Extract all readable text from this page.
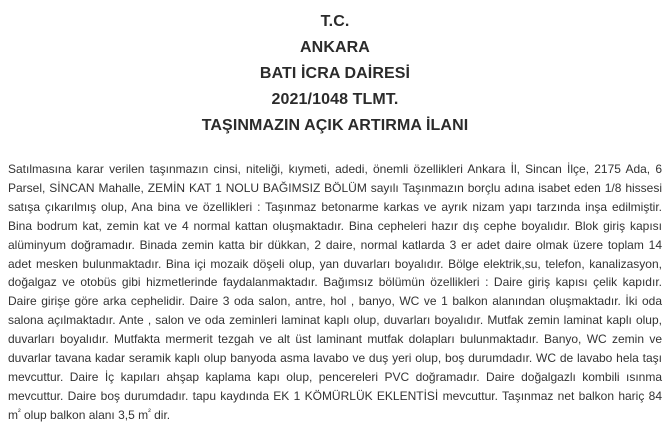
T.C.
ANKARA
BATI İCRA DAİRESİ
2021/1048 TLMT.
TAŞINMAZIN AÇIK ARTIRMA İLANI
Satılmasına karar verilen taşınmazın cinsi, niteliği, kıymeti, adedi, önemli özellikleri Ankara İl, Sincan İlçe, 2175 Ada, 6 Parsel, SİNCAN Mahalle, ZEMİN KAT 1 NOLU BAĞIMSIZ BÖLÜM sayılı Taşınmazın borçlu adına isabet eden 1/8 hissesi satışa çıkarılmış olup, Ana bina ve özellikleri : Taşınmaz betonarme karkas ve ayrık nizam yapı tarzında inşa edilmiştir. Bina bodrum kat, zemin kat ve 4 normal kattan oluşmaktadır. Bina cepheleri hazır dış cephe boyalıdır. Blok giriş kapısı alüminyum doğramadır. Binada zemin katta bir dükkan, 2 daire, normal katlarda 3 er adet daire olmak üzere toplam 14 adet mesken bulunmaktadır. Bina içi mozaik döşeli olup, yan duvarları boyalıdır. Bölge elektrik,su, telefon, kanalizasyon, doğalgaz ve otobüs gibi hizmetlerinde faydalanmaktadır. Bağımsız bölümün özellikleri : Daire giriş kapısı çelik kapıdır. Daire girişe göre arka cephelidir. Daire 3 oda salon, antre, hol , banyo, WC ve 1 balkon alanından oluşmaktadır. İki oda salona açılmaktadır. Ante , salon ve oda zeminleri laminat kaplı olup, duvarları boyalıdır. Mutfak zemin laminat kaplı olup, duvarları boyalıdır. Mutfakta mermerit tezgah ve alt üst laminant mutfak dolapları bulunmaktadır. Banyo, WC zemin ve duvarlar tavana kadar seramik kaplı olup banyoda asma lavabo ve duş yeri olup, boş durumdadır. WC de lavabo hela taşı mevcuttur. Daire İç kapıları ahşap kaplama kapı olup, pencereleri PVC doğramadır. Daire doğalgazlı kombili ısınma mevcuttur. Daire boş durumdadır. tapu kaydında EK 1 KÖMÜRLÜK EKLENTİSİ mevcuttur. Taşınmaz net balkon hariç 84 $m^{^2}$ olup balkon alanı 3,5 $m^{^2}$ dir.
